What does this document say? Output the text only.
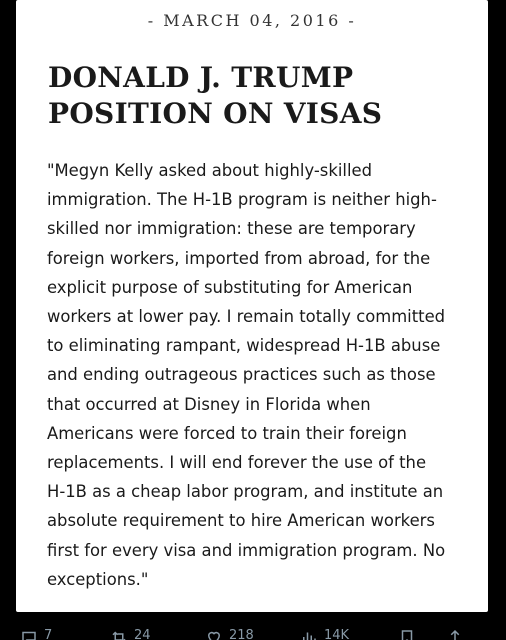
- MARCH 04, 2016 -
DONALD J. TRUMP
POSITION ON VISAS

"Megyn Kelly asked about highly-skilled
immigration. The H-1B program is neither high-
skilled nor immigration: these are temporary
foreign workers, imported from abroad, for the
explicit purpose of substituting for American
workers at lower pay. I remain totally committed
to eliminating rampant, widespread H-1B abuse
and ending outrageous practices such as those
that occurred at Disney in Florida when
Americans were forced to train their foreign
replacements. I will end forever the use of the
H-1B as a cheap labor program, and institute an
absolute requirement to hire American workers
first for every visa and immigration program. No
exceptions."

7	24	218	14K
